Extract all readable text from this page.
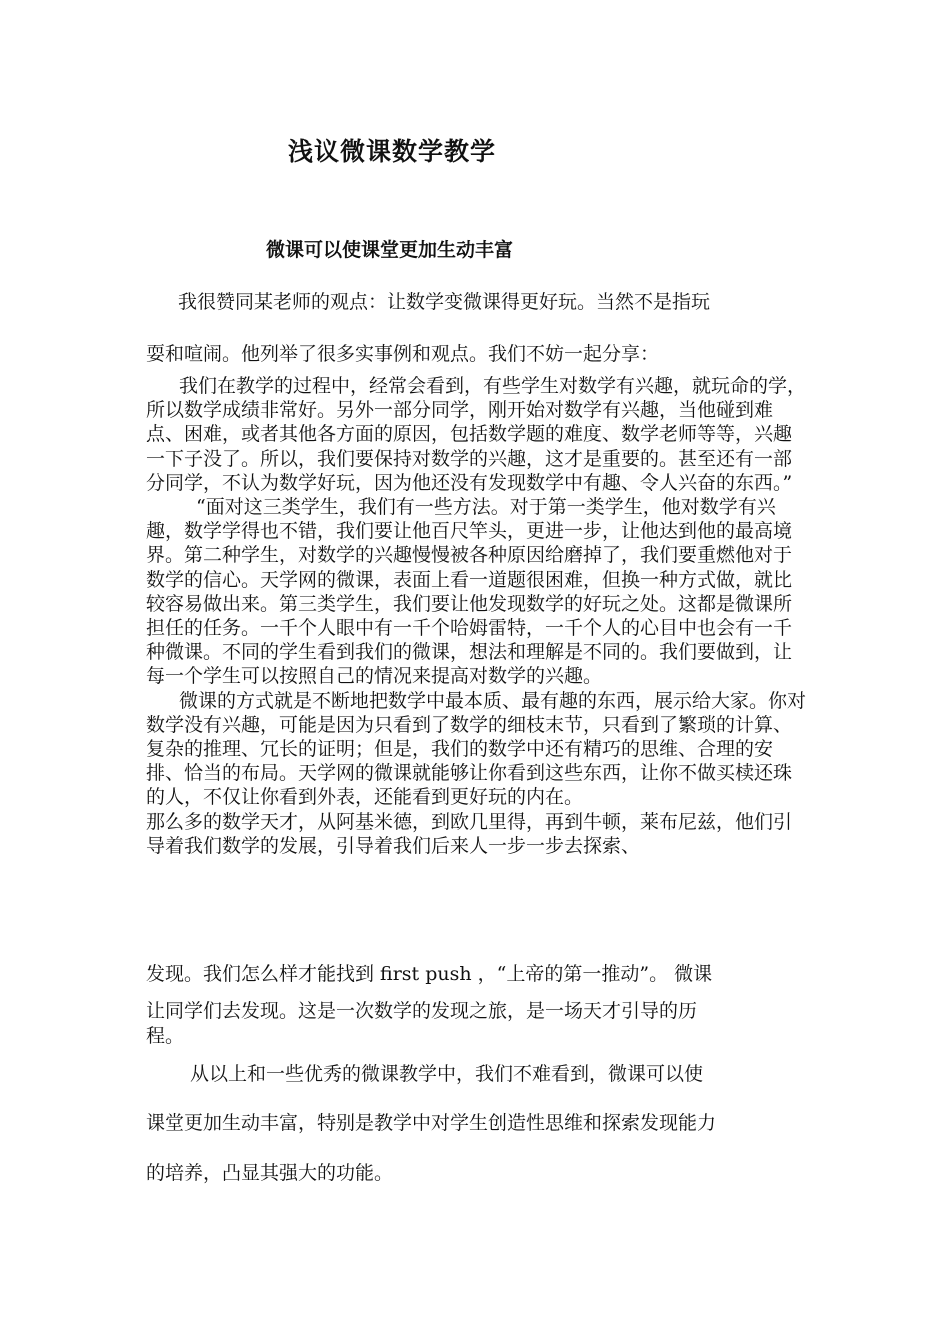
浅议微课数学教学
微课可以使课堂更加生动丰富

我很赞同某老师的观点：让数学变微课得更好玩。当然不是指玩

耍和喧闹。他列举了很多实事例和观点。我们不妨一起分享：

我们在教学的过程中，经常会看到，有些学生对数学有兴趣，就玩命的学，所以数学成绩非常好。另外一部分同学，刚开始对数学有兴趣，当他碰到难点、困难，或者其他各方面的原因，包括数学题的难度、数学老师等等，兴趣一下子没了。所以，我们要保持对数学的兴趣，这才是重要的。甚至还有一部分同学，不认为数学好玩，因为他还没有发现数学中有趣、令人兴奋的东西。”

“面对这三类学生，我们有一些方法。对于第一类学生，他对数学有兴趣，数学学得也不错，我们要让他百尺竿头，更进一步，让他达到他的最高境界。第二种学生，对数学的兴趣慢慢被各种原因给磨掉了，我们要重燃他对于数学的信心。天学网的微课，表面上看一道题很困难，但换一种方式做，就比较容易做出来。第三类学生，我们要让他发现数学的好玩之处。这都是微课所担任的任务。一千个人眼中有一千个哈姆雷特，一千个人的心目中也会有一千种微课。不同的学生看到我们的微课，想法和理解是不同的。我们要做到，让每一个学生可以按照自己的情况来提高对数学的兴趣。

微课的方式就是不断地把数学中最本质、最有趣的东西，展示给大家。你对数学没有兴趣，可能是因为只看到了数学的细枝末节，只看到了繁琐的计算、复杂的推理、冗长的证明；但是，我们的数学中还有精巧的思维、合理的安排、恰当的布局。天学网的微课就能够让你看到这些东西，让你不做买椟还珠的人，不仅让你看到外表，还能看到更好玩的内在。

那么多的数学天才，从阿基米德，到欧几里得，再到牛顿，莱布尼兹，他们引导着我们数学的发展，引导着我们后来人一步一步去探索、

发现。我们怎么样才能找到 first push ，“上帝的第一推动”。 微课

让同学们去发现。这是一次数学的发现之旅，是一场天才引导的历

程。

从以上和一些优秀的微课教学中，我们不难看到，微课可以使

课堂更加生动丰富，特别是教学中对学生创造性思维和探索发现能力

的培养，凸显其强大的功能。
